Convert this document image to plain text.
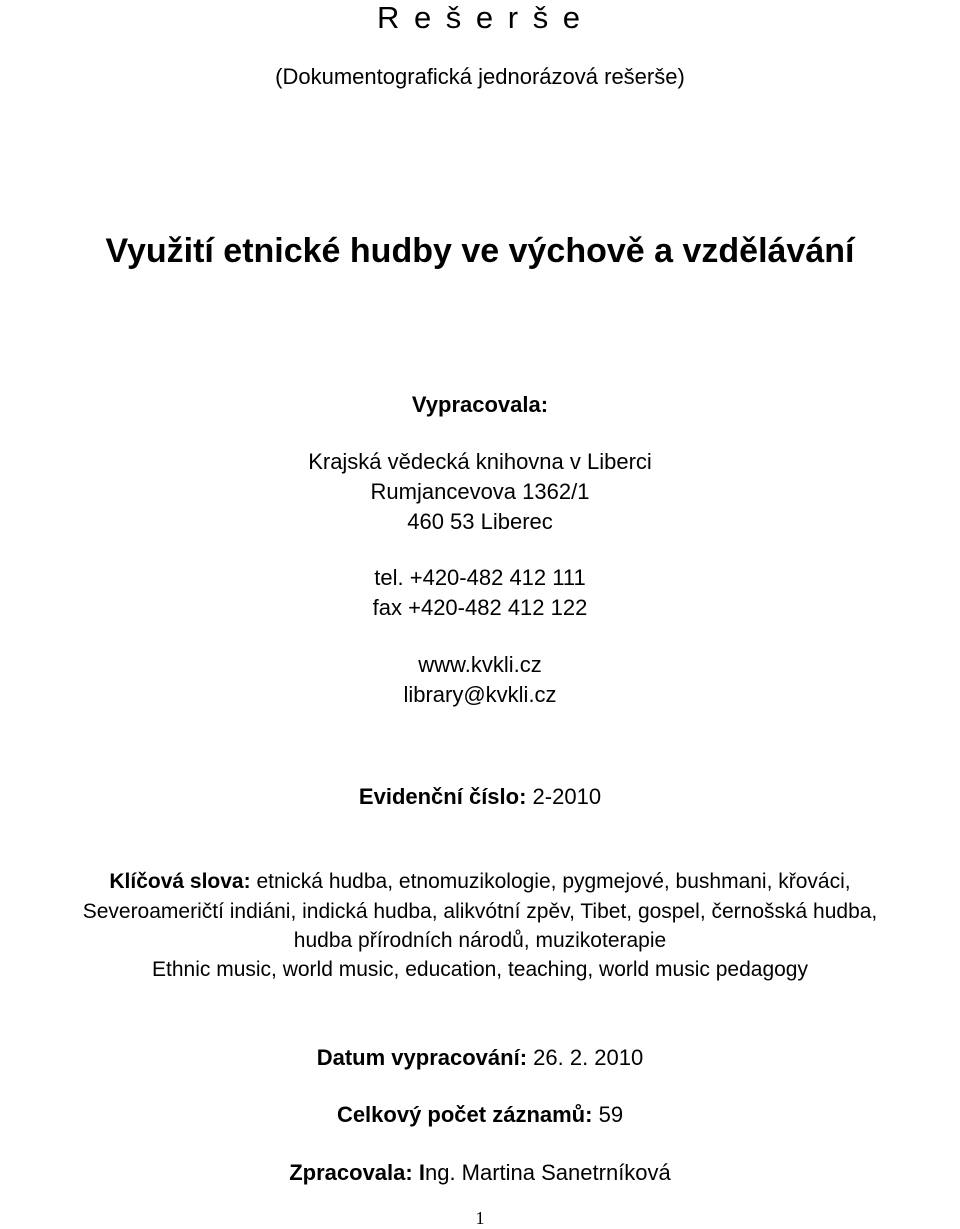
R e š e r š e
(Dokumentografická jednorázová rešerše)
Využití etnické hudby ve výchově a vzdělávání
Vypracovala:
Krajská vědecká knihovna v Liberci
Rumjancevova 1362/1
460 53 Liberec
tel. +420-482 412 111
fax +420-482 412 122
www.kvkli.cz
library@kvkli.cz
Evidenční číslo: 2-2010
Klíčová slova: etnická hudba, etnomuzikologie, pygmejové, bushmani, křováci,
Severoameričtí indiáni, indická hudba, alikvótní zpěv, Tibet, gospel, černošská hudba,
hudba přírodních národů, muzikoterapie
Ethnic music, world music, education, teaching, world music pedagogy
Datum vypracování: 26. 2. 2010
Celkový počet záznamů: 59
Zpracovala: Ing. Martina Sanetrníková
1
